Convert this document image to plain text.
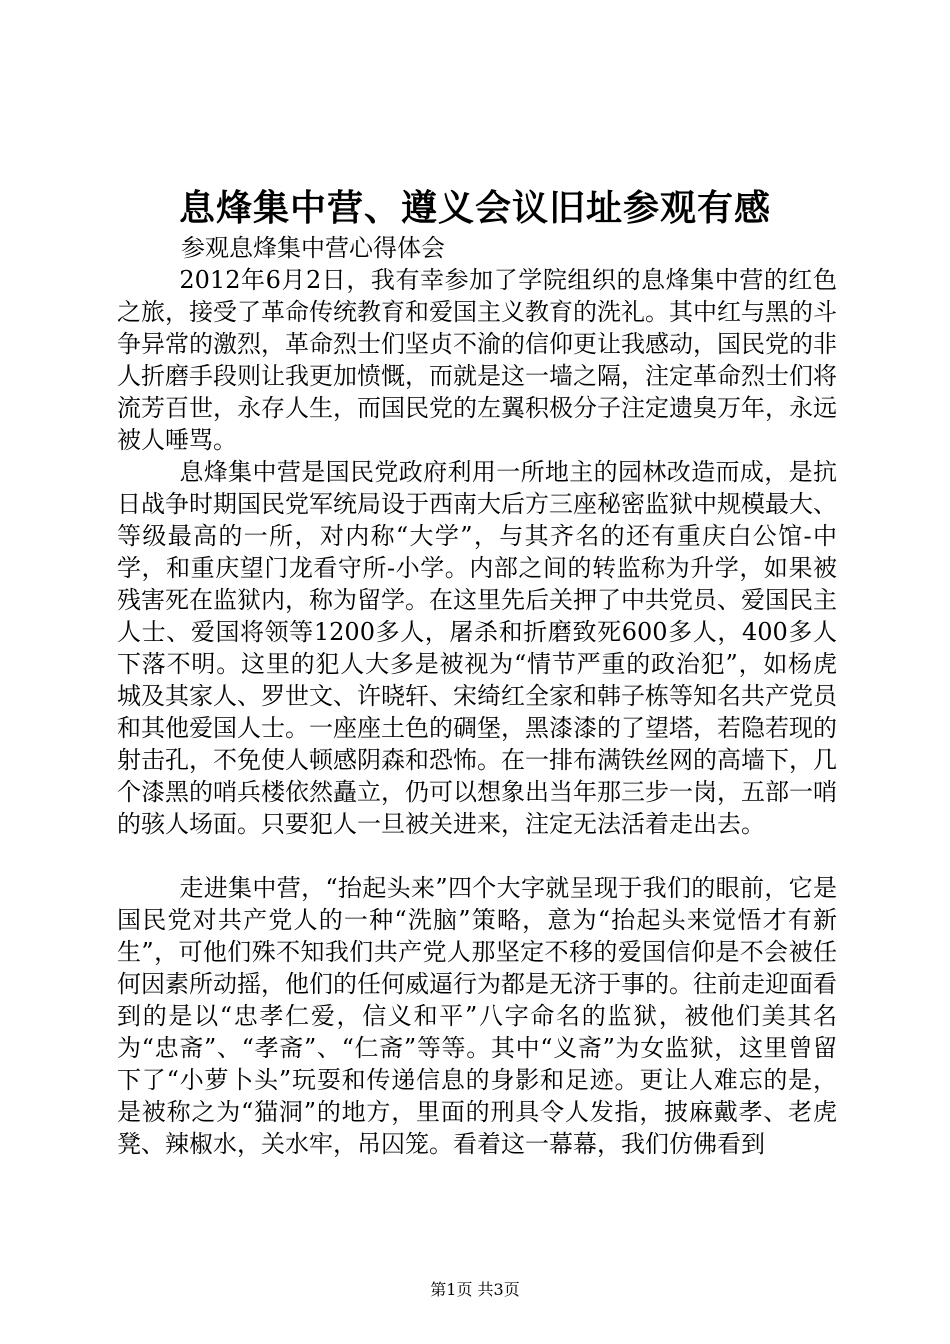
息烽集中营、遵义会议旧址参观有感

参观息烽集中营心得体会

2012年6月2日，我有幸参加了学院组织的息烽集中营的红色之旅，接受了革命传统教育和爱国主义教育的洗礼。其中红与黑的斗争异常的激烈，革命烈士们坚贞不渝的信仰更让我感动，国民党的非人折磨手段则让我更加愤慨，而就是这一墙之隔，注定革命烈士们将流芳百世，永存人生，而国民党的左翼积极分子注定遗臭万年，永远被人唾骂。

息烽集中营是国民党政府利用一所地主的园林改造而成，是抗日战争时期国民党军统局设于西南大后方三座秘密监狱中规模最大、等级最高的一所，对内称“大学”，与其齐名的还有重庆白公馆-中学，和重庆望门龙看守所-小学。内部之间的转监称为升学，如果被残害死在监狱内，称为留学。在这里先后关押了中共党员、爱国民主人士、爱国将领等1200多人，屠杀和折磨致死600多人，400多人下落不明。这里的犯人大多是被视为“情节严重的政治犯”，如杨虎城及其家人、罗世文、许晓轩、宋绮红全家和韩子栋等知名共产党员和其他爱国人士。一座座土色的碉堡，黑漆漆的了望塔，若隐若现的射击孔，不免使人顿感阴森和恐怖。在一排布满铁丝网的高墙下，几个漆黑的哨兵楼依然矗立，仍可以想象出当年那三步一岗，五部一哨的骇人场面。只要犯人一旦被关进来，注定无法活着走出去。

走进集中营，“抬起头来”四个大字就呈现于我们的眼前，它是国民党对共产党人的一种“洗脑”策略，意为“抬起头来觉悟才有新生”，可他们殊不知我们共产党人那坚定不移的爱国信仰是不会被任何因素所动摇，他们的任何威逼行为都是无济于事的。往前走迎面看到的是以“忠孝仁爱，信义和平”八字命名的监狱，被他们美其名为“忠斋”、“孝斋”、“仁斋”等等。其中“义斋”为女监狱，这里曾留下了“小萝卜头”玩耍和传递信息的身影和足迹。更让人难忘的是，是被称之为“猫洞”的地方，里面的刑具令人发指，披麻戴孝、老虎凳、辣椒水，关水牢，吊囚笼。看着这一幕幕，我们仿佛看到

第1页 共3页
